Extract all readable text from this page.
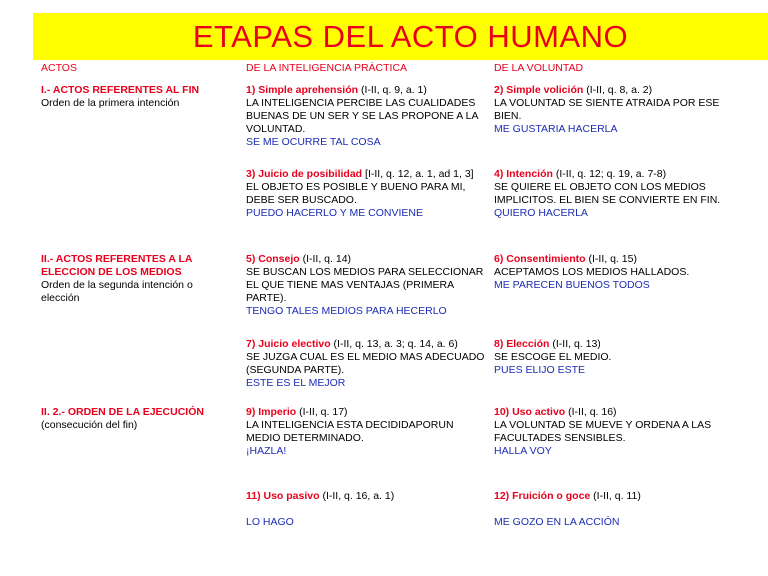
ETAPAS DEL ACTO HUMANO
ACTOS	DE LA INTELIGENCIA PRÁCTICA	DE LA VOLUNTAD

I.- ACTOS REFERENTES AL FIN

Orden de la primera intención

II.- ACTOS REFERENTES A LA ELECCION DE LOS MEDIOS

Orden de la segunda intención o elección

II. 2.- ORDEN DE LA EJECUCIÓN

(consecución del fin)

1) Simple aprehensión (I-II, q. 9, a. 1)

LA INTELIGENCIA PERCIBE LAS CUALIDADES BUENAS DE UN SER Y SE LAS PROPONE A LA VOLUNTAD.

SE ME OCURRE TAL COSA

2) Simple volición (I-II, q. 8, a. 2)

LA VOLUNTAD SE SIENTE ATRAIDA POR ESE BIEN.

ME GUSTARIA HACERLA

3) Juicio de posibilidad [I-II, q. 12, a. 1, ad 1, 3]

EL OBJETO ES POSIBLE Y BUENO PARA MI, DEBE SER BUSCADO.

PUEDO HACERLO Y ME CONVIENE

4) Intención (I-II, q. 12; q. 19, a. 7-8)

SE QUIERE EL OBJETO CON LOS MEDIOS IMPLICITOS. EL BIEN SE CONVIERTE EN FIN.

QUIERO HACERLA

5) Consejo (I-II, q. 14)

SE BUSCAN LOS MEDIOS PARA SELECCIONAR EL QUE TIENE MAS VENTAJAS (PRIMERA PARTE).

TENGO TALES MEDIOS PARA HECERLO

6) Consentimiento (I-II, q. 15)

ACEPTAMOS LOS MEDIOS HALLADOS.

ME PARECEN BUENOS TODOS

7) Juicio electivo (I-II, q. 13, a. 3; q. 14, a. 6)

SE JUZGA CUAL ES EL MEDIO MAS ADECUADO (SEGUNDA PARTE).

ESTE ES EL MEJOR

8) Elección (I-II, q. 13)

SE ESCOGE EL MEDIO.

PUES ELIJO ESTE

9) Imperio (I-II, q. 17)

LA INTELIGENCIA ESTA DECIDIDAPORUN MEDIO DETERMINADO.

¡HAZLA!

10) Uso activo (I-II, q. 16)

LA VOLUNTAD SE MUEVE Y ORDENA A LAS FACULTADES SENSIBLES.

HALLA VOY

11) Uso pasivo (I-II, q. 16, a. 1)

LO HAGO

12) Fruición o goce (I-II, q. 11)

ME GOZO EN LA ACCIÓN
